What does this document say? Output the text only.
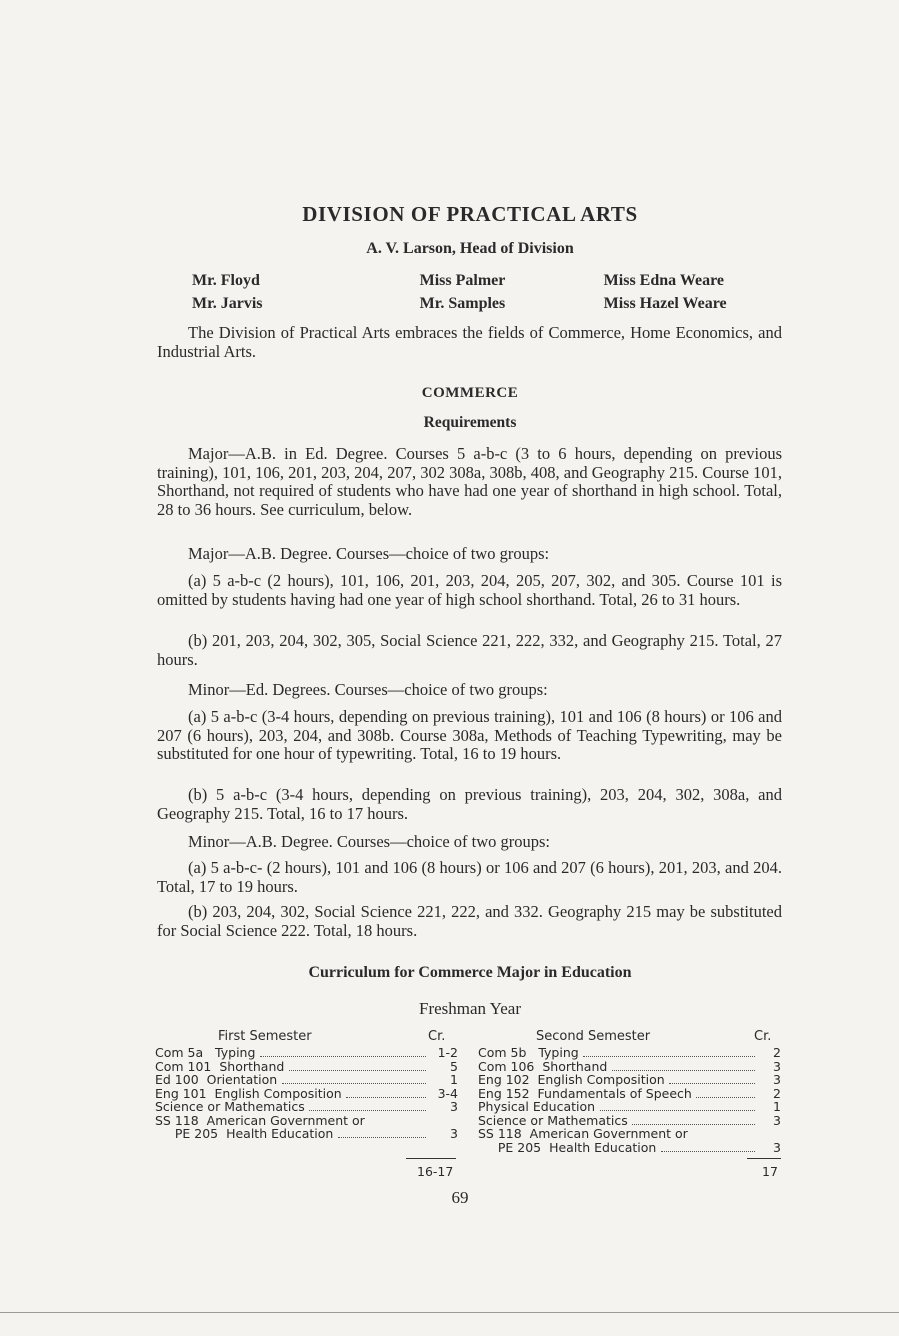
DIVISION OF PRACTICAL ARTS
A. V. Larson, Head of Division
Mr. Floyd	Miss Palmer	Miss Edna Weare
Mr. Jarvis	Mr. Samples	Miss Hazel Weare

The Division of Practical Arts embraces the fields of Commerce, Home Economics, and Industrial Arts.

COMMERCE
Requirements

Major—A.B. in Ed. Degree. Courses 5 a-b-c (3 to 6 hours, depending on previous training), 101, 106, 201, 203, 204, 207, 302 308a, 308b, 408, and Geography 215. Course 101, Shorthand, not required of students who have had one year of shorthand in high school. Total, 28 to 36 hours. See curriculum, below.

Major—A.B. Degree. Courses—choice of two groups:

(a) 5 a-b-c (2 hours), 101, 106, 201, 203, 204, 205, 207, 302, and 305. Course 101 is omitted by students having had one year of high school shorthand. Total, 26 to 31 hours.

(b) 201, 203, 204, 302, 305, Social Science 221, 222, 332, and Geography 215. Total, 27 hours.

Minor—Ed. Degrees. Courses—choice of two groups:

(a) 5 a-b-c (3-4 hours, depending on previous training), 101 and 106 (8 hours) or 106 and 207 (6 hours), 203, 204, and 308b. Course 308a, Methods of Teaching Typewriting, may be substituted for one hour of typewriting. Total, 16 to 19 hours.

(b) 5 a-b-c (3-4 hours, depending on previous training), 203, 204, 302, 308a, and Geography 215. Total, 16 to 17 hours.

Minor—A.B. Degree. Courses—choice of two groups:

(a) 5 a-b-c- (2 hours), 101 and 106 (8 hours) or 106 and 207 (6 hours), 201, 203, and 204. Total, 17 to 19 hours.

(b) 203, 204, 302, Social Science 221, 222, and 332. Geography 215 may be substituted for Social Science 222. Total, 18 hours.

Curriculum for Commerce Major in Education
Freshman Year
First Semester	Cr.
Com 5a   Typing	1-2
Com 101  Shorthand	5
Ed 100  Orientation	1
Eng 101  English Composition	3-4
Science or Mathematics	3
SS 118  American Government or
PE 205  Health Education	3
16-17
Second Semester	Cr.
Com 5b   Typing	2
Com 106  Shorthand	3
Eng 102  English Composition	3
Eng 152  Fundamentals of Speech	2
Physical Education	1
Science or Mathematics	3
SS 118  American Government or
PE 205  Health Education	3
17
69
